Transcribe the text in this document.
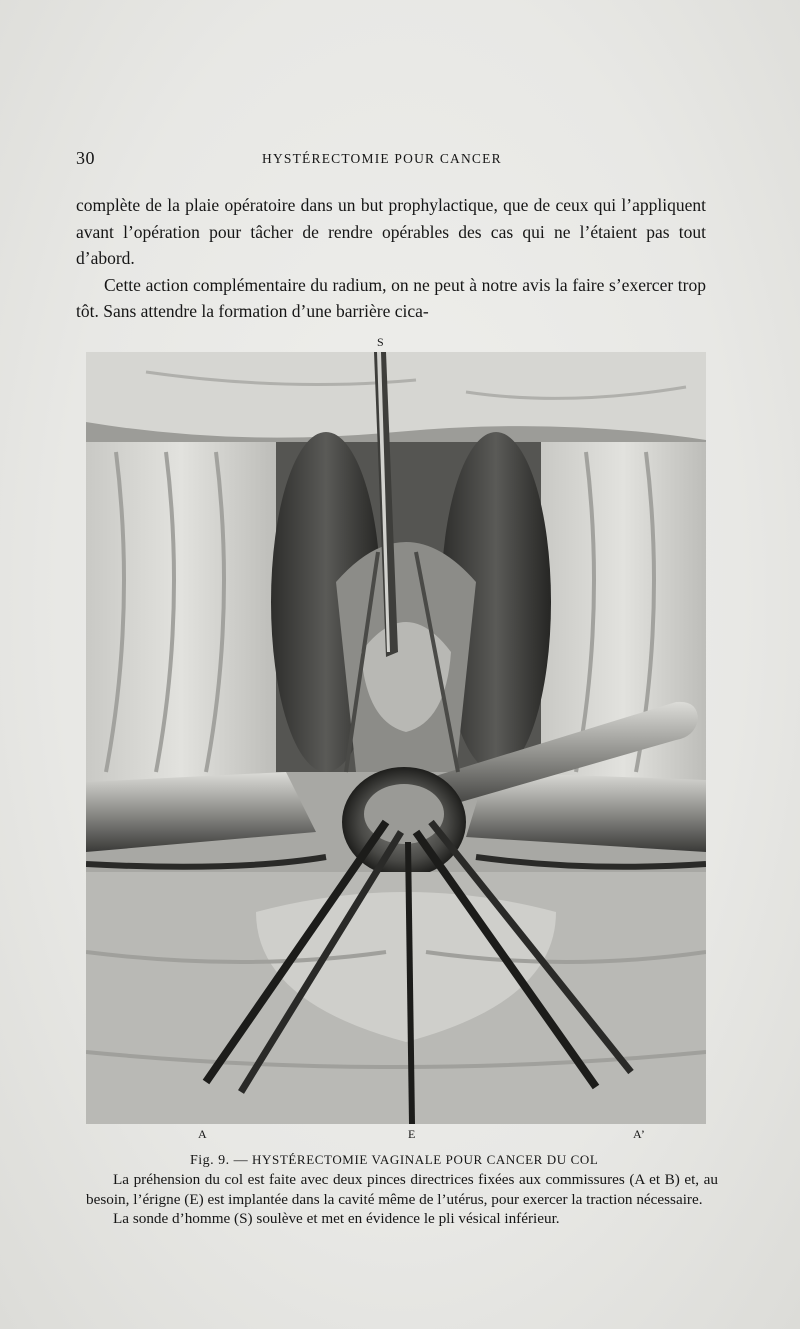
30	HYSTÉRECTOMIE POUR CANCER

complète de la plaie opératoire dans un but prophylactique, que de ceux qui l’appliquent avant l’opération pour tâcher de rendre opérables des cas qui ne l’étaient pas tout d’abord.

Cette action complémentaire du radium, on ne peut à notre avis la faire s’exercer trop tôt. Sans attendre la formation d’une barrière cica-

S
A	E	A’
Fig. 9. — HYSTÉRECTOMIE VAGINALE POUR CANCER DU COL

La préhension du col est faite avec deux pinces directrices fixées aux commissures (A et B) et, au besoin, l’érigne (E) est implantée dans la cavité même de l’utérus, pour exercer la traction nécessaire.

La sonde d’homme (S) soulève et met en évidence le pli vésical inférieur.
